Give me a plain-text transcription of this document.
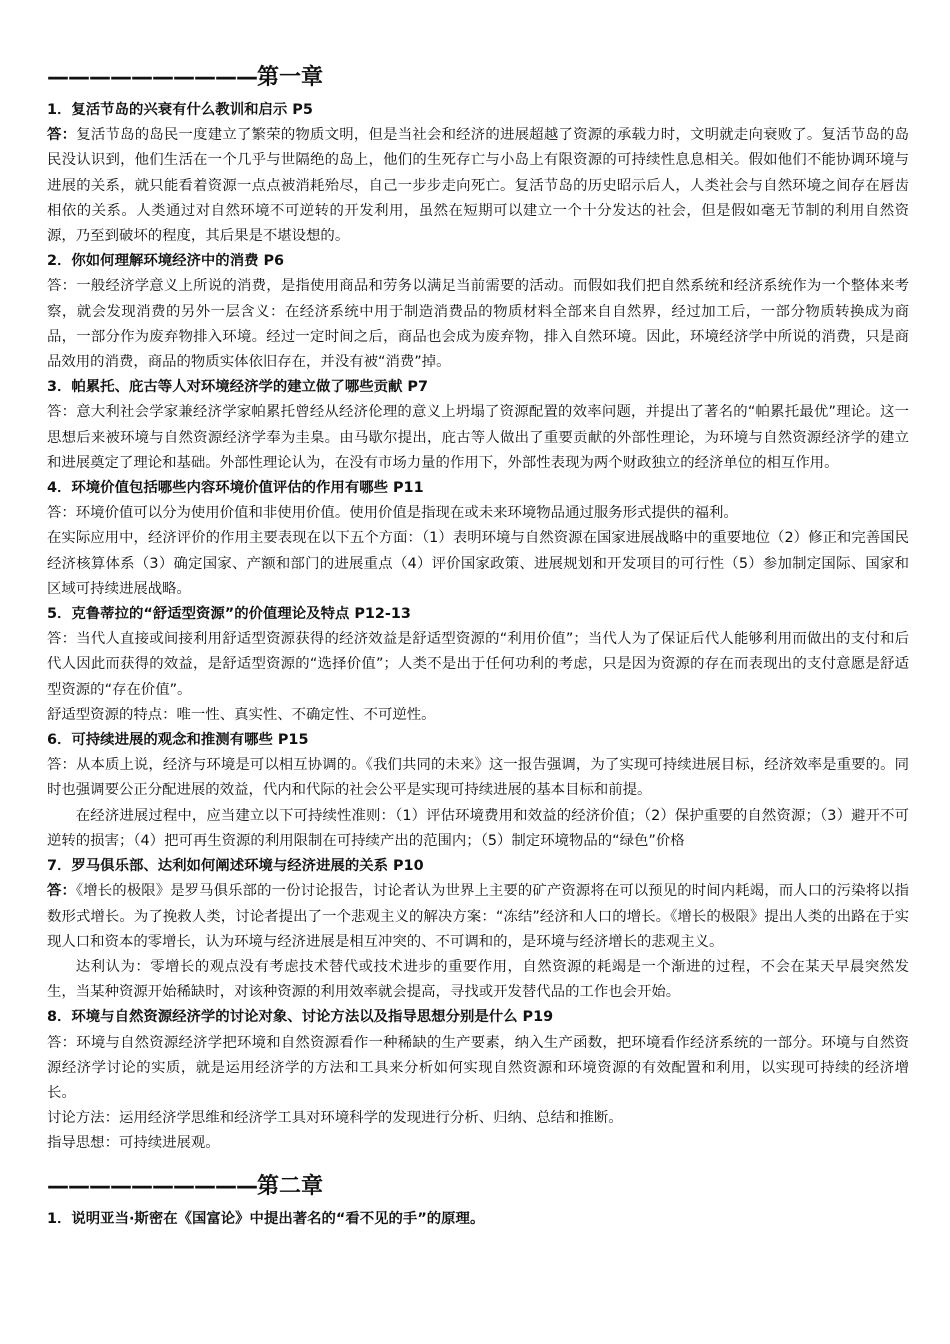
——————————第一章

1．复活节岛的兴衰有什么教训和启示 P5

答：复活节岛的岛民一度建立了繁荣的物质文明，但是当社会和经济的进展超越了资源的承载力时，文明就走向衰败了。复活节岛的岛民没认识到，他们生活在一个几乎与世隔绝的岛上，他们的生死存亡与小岛上有限资源的可持续性息息相关。假如他们不能协调环境与进展的关系，就只能看着资源一点点被消耗殆尽，自己一步步走向死亡。复活节岛的历史昭示后人，人类社会与自然环境之间存在唇齿相依的关系。人类通过对自然环境不可逆转的开发利用，虽然在短期可以建立一个十分发达的社会，但是假如毫无节制的利用自然资源，乃至到破坏的程度，其后果是不堪设想的。

2．你如何理解环境经济中的消费 P6

答：一般经济学意义上所说的消费，是指使用商品和劳务以满足当前需要的活动。而假如我们把自然系统和经济系统作为一个整体来考察，就会发现消费的另外一层含义：在经济系统中用于制造消费品的物质材料全部来自自然界，经过加工后，一部分物质转换成为商品，一部分作为废弃物排入环境。经过一定时间之后，商品也会成为废弃物，排入自然环境。因此，环境经济学中所说的消费，只是商品效用的消费，商品的物质实体依旧存在，并没有被“消费”掉。

3．帕累托、庇古等人对环境经济学的建立做了哪些贡献 P7

答：意大利社会学家兼经济学家帕累托曾经从经济伦理的意义上坍塌了资源配置的效率问题，并提出了著名的“帕累托最优”理论。这一思想后来被环境与自然资源经济学奉为圭臬。由马歇尔提出，庇古等人做出了重要贡献的外部性理论，为环境与自然资源经济学的建立和进展奠定了理论和基础。外部性理论认为，在没有市场力量的作用下，外部性表现为两个财政独立的经济单位的相互作用。

4．环境价值包括哪些内容环境价值评估的作用有哪些 P11

答：环境价值可以分为使用价值和非使用价值。使用价值是指现在或未来环境物品通过服务形式提供的福利。

在实际应用中，经济评价的作用主要表现在以下五个方面：（1）表明环境与自然资源在国家进展战略中的重要地位（2）修正和完善国民经济核算体系（3）确定国家、产额和部门的进展重点（4）评价国家政策、进展规划和开发项目的可行性（5）参加制定国际、国家和区域可持续进展战略。

5．克鲁蒂拉的“舒适型资源”的价值理论及特点 P12-13

答：当代人直接或间接利用舒适型资源获得的经济效益是舒适型资源的“利用价值”；当代人为了保证后代人能够利用而做出的支付和后代人因此而获得的效益，是舒适型资源的“选择价值”；人类不是出于任何功利的考虑，只是因为资源的存在而表现出的支付意愿是舒适型资源的“存在价值”。

舒适型资源的特点：唯一性、真实性、不确定性、不可逆性。

6．可持续进展的观念和推测有哪些 P15

答：从本质上说，经济与环境是可以相互协调的。《我们共同的未来》这一报告强调，为了实现可持续进展目标，经济效率是重要的。同时也强调要公正分配进展的效益，代内和代际的社会公平是实现可持续进展的基本目标和前提。

在经济进展过程中，应当建立以下可持续性准则：（1）评估环境费用和效益的经济价值；（2）保护重要的自然资源；（3）避开不可逆转的损害；（4）把可再生资源的利用限制在可持续产出的范围内；（5）制定环境物品的“绿色”价格

7．罗马俱乐部、达利如何阐述环境与经济进展的关系 P10

答：《增长的极限》是罗马俱乐部的一份讨论报告，讨论者认为世界上主要的矿产资源将在可以预见的时间内耗竭，而人口的污染将以指数形式增长。为了挽救人类，讨论者提出了一个悲观主义的解决方案：“冻结”经济和人口的增长。《增长的极限》提出人类的出路在于实现人口和资本的零增长，认为环境与经济进展是相互冲突的、不可调和的，是环境与经济增长的悲观主义。

达利认为：零增长的观点没有考虑技术替代或技术进步的重要作用，自然资源的耗竭是一个渐进的过程，不会在某天早晨突然发生，当某种资源开始稀缺时，对该种资源的利用效率就会提高，寻找或开发替代品的工作也会开始。

8．环境与自然资源经济学的讨论对象、讨论方法以及指导思想分别是什么 P19

答：环境与自然资源经济学把环境和自然资源看作一种稀缺的生产要素，纳入生产函数，把环境看作经济系统的一部分。环境与自然资源经济学讨论的实质，就是运用经济学的方法和工具来分析如何实现自然资源和环境资源的有效配置和利用，以实现可持续的经济增长。

讨论方法：运用经济学思维和经济学工具对环境科学的发现进行分析、归纳、总结和推断。

指导思想：可持续进展观。

——————————第二章

1．说明亚当·斯密在《国富论》中提出著名的“看不见的手”的原理。
